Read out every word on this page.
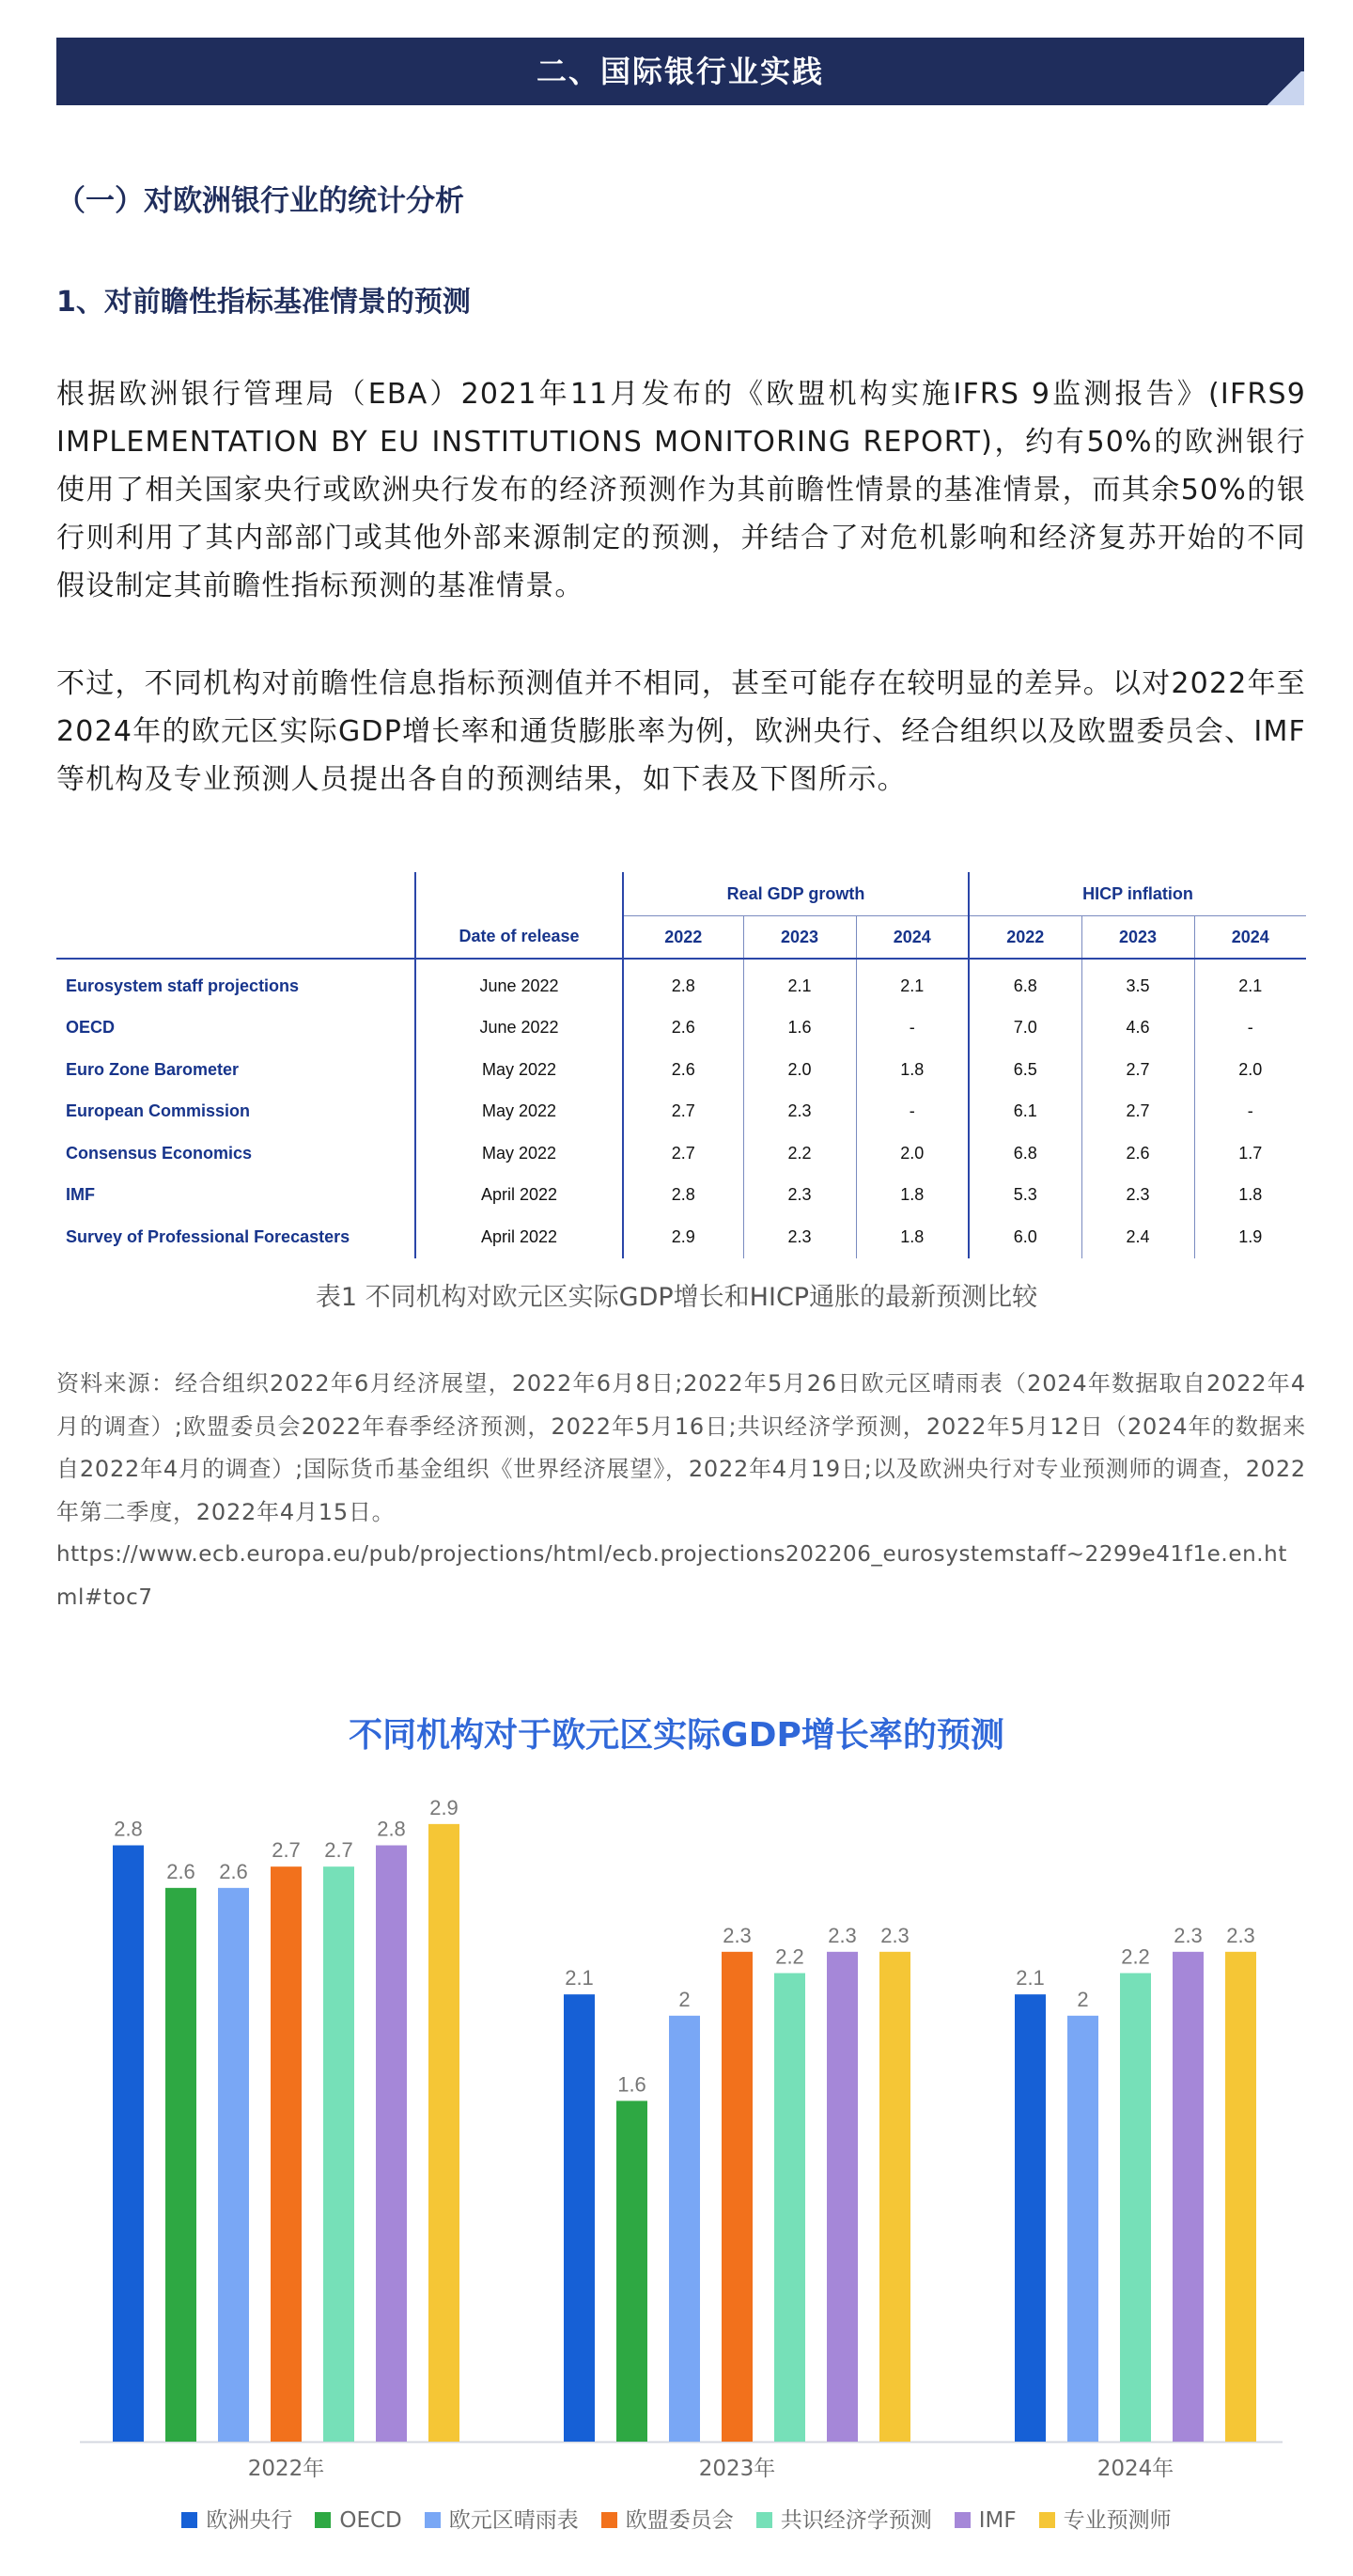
二、国际银行业实践
（一）对欧洲银行业的统计分析
1、对前瞻性指标基准情景的预测

根据欧洲银行管理局（EBA）2021年11月发布的《欧盟机构实施IFRS 9监测报告》(IFRS9 IMPLEMENTATION BY EU INSTITUTIONS MONITORING REPORT)，约有50%的欧洲银行使用了相关国家央行或欧洲央行发布的经济预测作为其前瞻性情景的基准情景，而其余50%的银行则利用了其内部部门或其他外部来源制定的预测，并结合了对危机影响和经济复苏开始的不同假设制定其前瞻性指标预测的基准情景。

不过，不同机构对前瞻性信息指标预测值并不相同，甚至可能存在较明显的差异。以对2022年至2024年的欧元区实际GDP增长率和通货膨胀率为例，欧洲央行、经合组织以及欧盟委员会、IMF等机构及专业预测人员提出各自的预测结果，如下表及下图所示。

		Real GDP growth			HICP inflation		
	Date of release	2022	2023	2024	2022	2023	2024
Eurosystem staff projections	June 2022	2.8	2.1	2.1	6.8	3.5	2.1
OECD	June 2022	2.6	1.6	-	7.0	4.6	-
Euro Zone Barometer	May 2022	2.6	2.0	1.8	6.5	2.7	2.0
European Commission	May 2022	2.7	2.3	-	6.1	2.7	-
Consensus Economics	May 2022	2.7	2.2	2.0	6.8	2.6	1.7
IMF	April 2022	2.8	2.3	1.8	5.3	2.3	1.8
Survey of Professional Forecasters	April 2022	2.9	2.3	1.8	6.0	2.4	1.9
表1 不同机构对欧元区实际GDP增长和HICP通胀的最新预测比较

资料来源：经合组织2022年6月经济展望，2022年6月8日;2022年5月26日欧元区晴雨表（2024年数据取自2022年4月的调查）;欧盟委员会2022年春季经济预测，2022年5月16日;共识经济学预测，2022年5月12日（2024年的数据来自2022年4月的调查）;国际货币基金组织《世界经济展望》，2022年4月19日;以及欧洲央行对专业预测师的调查，2022年第二季度，2022年4月15日。

https://www.ecb.europa.eu/pub/projections/html/ecb.projections202206_eurosystemstaff~2299e41f1e.en.html#toc7

不同机构对于欧元区实际GDP增长率的预测
2.8
2.6 2.6
2.7 2.7
2.8
2.9
2022年
2.1
1.6
2
2.3
2.2
2.3 2.3
2023年
2.1
2
2.2
2.3 2.3
2024年
欧洲央行 OECD 欧元区晴雨表 欧盟委员会 共识经济学预测 IMF 专业预测师
